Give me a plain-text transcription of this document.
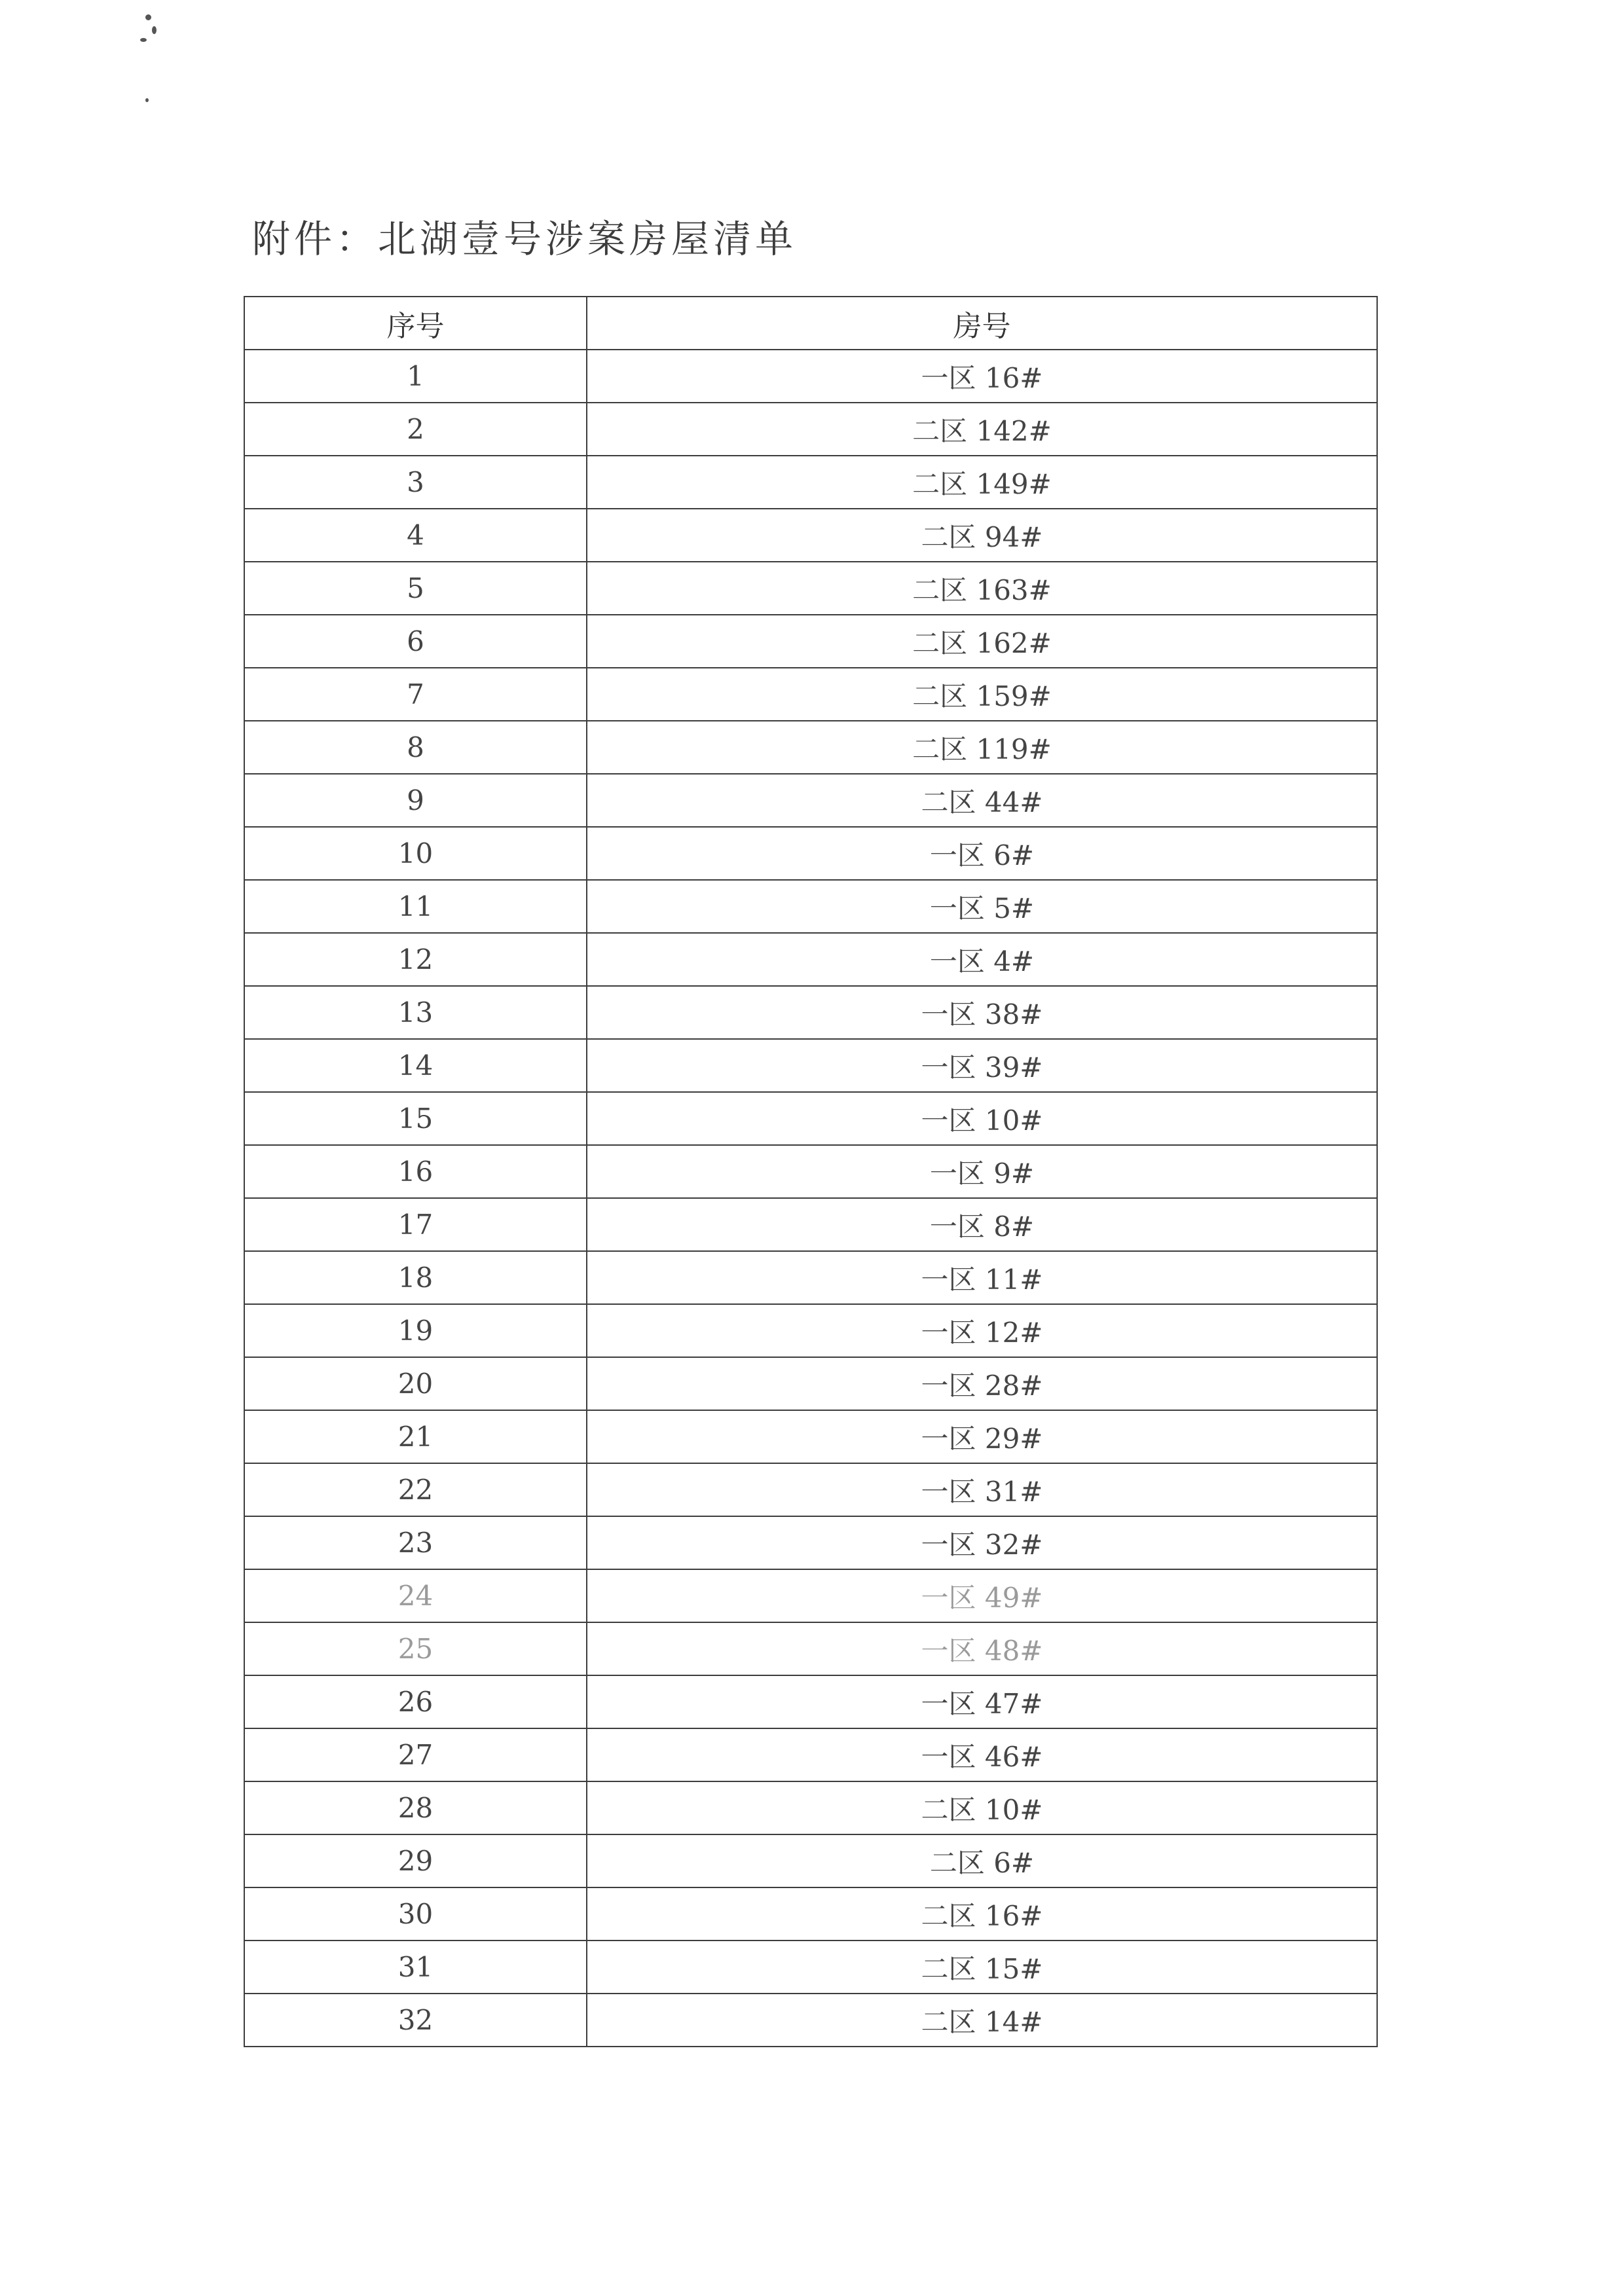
附件：北湖壹号涉案房屋清单
序号	房号
1	一区 16#
2	二区 142#
3	二区 149#
4	二区 94#
5	二区 163#
6	二区 162#
7	二区 159#
8	二区 119#
9	二区 44#
10	一区 6#
11	一区 5#
12	一区 4#
13	一区 38#
14	一区 39#
15	一区 10#
16	一区 9#
17	一区 8#
18	一区 11#
19	一区 12#
20	一区 28#
21	一区 29#
22	一区 31#
23	一区 32#
24	一区 49#
25	一区 48#
26	一区 47#
27	一区 46#
28	二区 10#
29	二区 6#
30	二区 16#
31	二区 15#
32	二区 14#
